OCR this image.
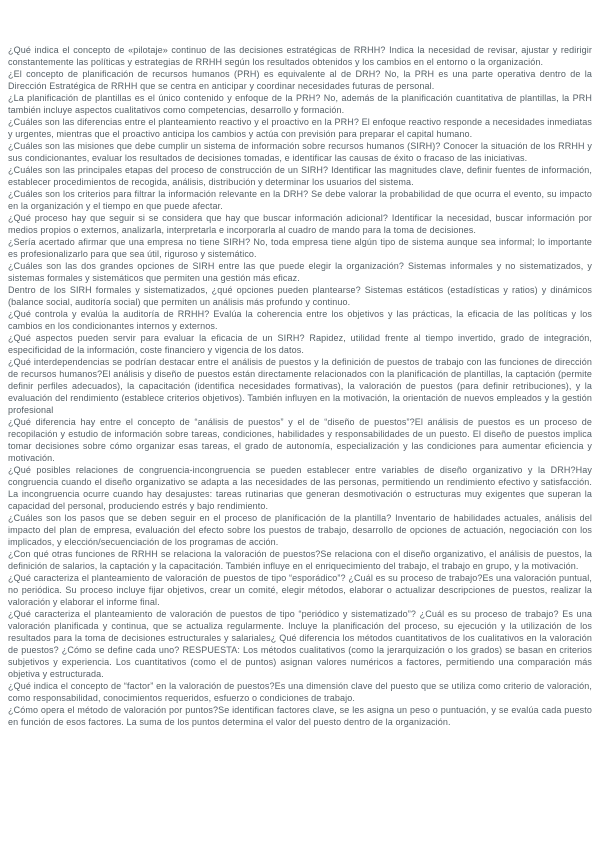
¿Qué indica el concepto de «pilotaje» continuo de las decisiones estratégicas de RRHH? Indica la necesidad de revisar, ajustar y redirigir constantemente las políticas y estrategias de RRHH según los resultados obtenidos y los cambios en el entorno o la organización.

¿El concepto de planificación de recursos humanos (PRH) es equivalente al de DRH? No, la PRH es una parte operativa dentro de la Dirección Estratégica de RRHH que se centra en anticipar y coordinar necesidades futuras de personal.

¿La planificación de plantillas es el único contenido y enfoque de la PRH? No, además de la planificación cuantitativa de plantillas, la PRH también incluye aspectos cualitativos como competencias, desarrollo y formación.

¿Cuáles son las diferencias entre el planteamiento reactivo y el proactivo en la PRH? El enfoque reactivo responde a necesidades inmediatas y urgentes, mientras que el proactivo anticipa los cambios y actúa con previsión para preparar el capital humano.

¿Cuáles son las misiones que debe cumplir un sistema de información sobre recursos humanos (SIRH)? Conocer la situación de los RRHH y sus condicionantes, evaluar los resultados de decisiones tomadas, e identificar las causas de éxito o fracaso de las iniciativas.

¿Cuáles son las principales etapas del proceso de construcción de un SIRH? Identificar las magnitudes clave, definir fuentes de información, establecer procedimientos de recogida, análisis, distribución y determinar los usuarios del sistema.

¿Cuáles son los criterios para filtrar la información relevante en la DRH? Se debe valorar la probabilidad de que ocurra el evento, su impacto en la organización y el tiempo en que puede afectar.

¿Qué proceso hay que seguir si se considera que hay que buscar información adicional? Identificar la necesidad, buscar información por medios propios o externos, analizarla, interpretarla e incorporarla al cuadro de mando para la toma de decisiones.

¿Sería acertado afirmar que una empresa no tiene SIRH? No, toda empresa tiene algún tipo de sistema aunque sea informal; lo importante es profesionalizarlo para que sea útil, riguroso y sistemático.

¿Cuáles son las dos grandes opciones de SIRH entre las que puede elegir la organización? Sistemas informales y no sistematizados, y sistemas formales y sistemáticos que permiten una gestión más eficaz.

Dentro de los SIRH formales y sistematizados, ¿qué opciones pueden plantearse? Sistemas estáticos (estadísticas y ratios) y dinámicos (balance social, auditoría social) que permiten un análisis más profundo y continuo.

¿Qué controla y evalúa la auditoría de RRHH? Evalúa la coherencia entre los objetivos y las prácticas, la eficacia de las políticas y los cambios en los condicionantes internos y externos.

¿Qué aspectos pueden servir para evaluar la eficacia de un SIRH? Rapidez, utilidad frente al tiempo invertido, grado de integración, especificidad de la información, coste financiero y vigencia de los datos.

¿Qué interdependencias se podrían destacar entre el análisis de puestos y la definición de puestos de trabajo con las funciones de dirección de recursos humanos?El análisis y diseño de puestos están directamente relacionados con la planificación de plantillas, la captación (permite definir perfiles adecuados), la capacitación (identifica necesidades formativas), la valoración de puestos (para definir retribuciones), y la evaluación del rendimiento (establece criterios objetivos). También influyen en la motivación, la orientación de nuevos empleados y la gestión profesional

¿Qué diferencia hay entre el concepto de “análisis de puestos” y el de “diseño de puestos”?El análisis de puestos es un proceso de recopilación y estudio de información sobre tareas, condiciones, habilidades y responsabilidades de un puesto. El diseño de puestos implica tomar decisiones sobre cómo organizar esas tareas, el grado de autonomía, especialización y las condiciones para aumentar eficiencia y motivación.

¿Qué posibles relaciones de congruencia-incongruencia se pueden establecer entre variables de diseño organizativo y la DRH?Hay congruencia cuando el diseño organizativo se adapta a las necesidades de las personas, permitiendo un rendimiento efectivo y satisfacción. La incongruencia ocurre cuando hay desajustes: tareas rutinarias que generan desmotivación o estructuras muy exigentes que superan la capacidad del personal, produciendo estrés y bajo rendimiento.

¿Cuáles son los pasos que se deben seguir en el proceso de planificación de la plantilla? Inventario de habilidades actuales, análisis del impacto del plan de empresa, evaluación del efecto sobre los puestos de trabajo, desarrollo de opciones de actuación, negociación con los implicados, y elección/secuenciación de los programas de acción.

¿Con qué otras funciones de RRHH se relaciona la valoración de puestos?Se relaciona con el diseño organizativo, el análisis de puestos, la definición de salarios, la captación y la capacitación. También influye en el enriquecimiento del trabajo, el trabajo en grupo, y la motivación.

¿Qué caracteriza el planteamiento de valoración de puestos de tipo “esporádico”? ¿Cuál es su proceso de trabajo?Es una valoración puntual, no periódica. Su proceso incluye fijar objetivos, crear un comité, elegir métodos, elaborar o actualizar descripciones de puestos, realizar la valoración y elaborar el informe final.

¿Qué caracteriza el planteamiento de valoración de puestos de tipo “periódico y sistematizado”? ¿Cuál es su proceso de trabajo? Es una valoración planificada y continua, que se actualiza regularmente. Incluye la planificación del proceso, su ejecución y la utilización de los resultados para la toma de decisiones estructurales y salariales¿ Qué diferencia los métodos cuantitativos de los cualitativos en la valoración de puestos? ¿Cómo se define cada uno? RESPUESTA: Los métodos cualitativos (como la jerarquización o los grados) se basan en criterios subjetivos y experiencia. Los cuantitativos (como el de puntos) asignan valores numéricos a factores, permitiendo una comparación más objetiva y estructurada.

¿Qué indica el concepto de “factor” en la valoración de puestos?Es una dimensión clave del puesto que se utiliza como criterio de valoración, como responsabilidad, conocimientos requeridos, esfuerzo o condiciones de trabajo.

¿Cómo opera el método de valoración por puntos?Se identifican factores clave, se les asigna un peso o puntuación, y se evalúa cada puesto en función de esos factores. La suma de los puntos determina el valor del puesto dentro de la organización.
